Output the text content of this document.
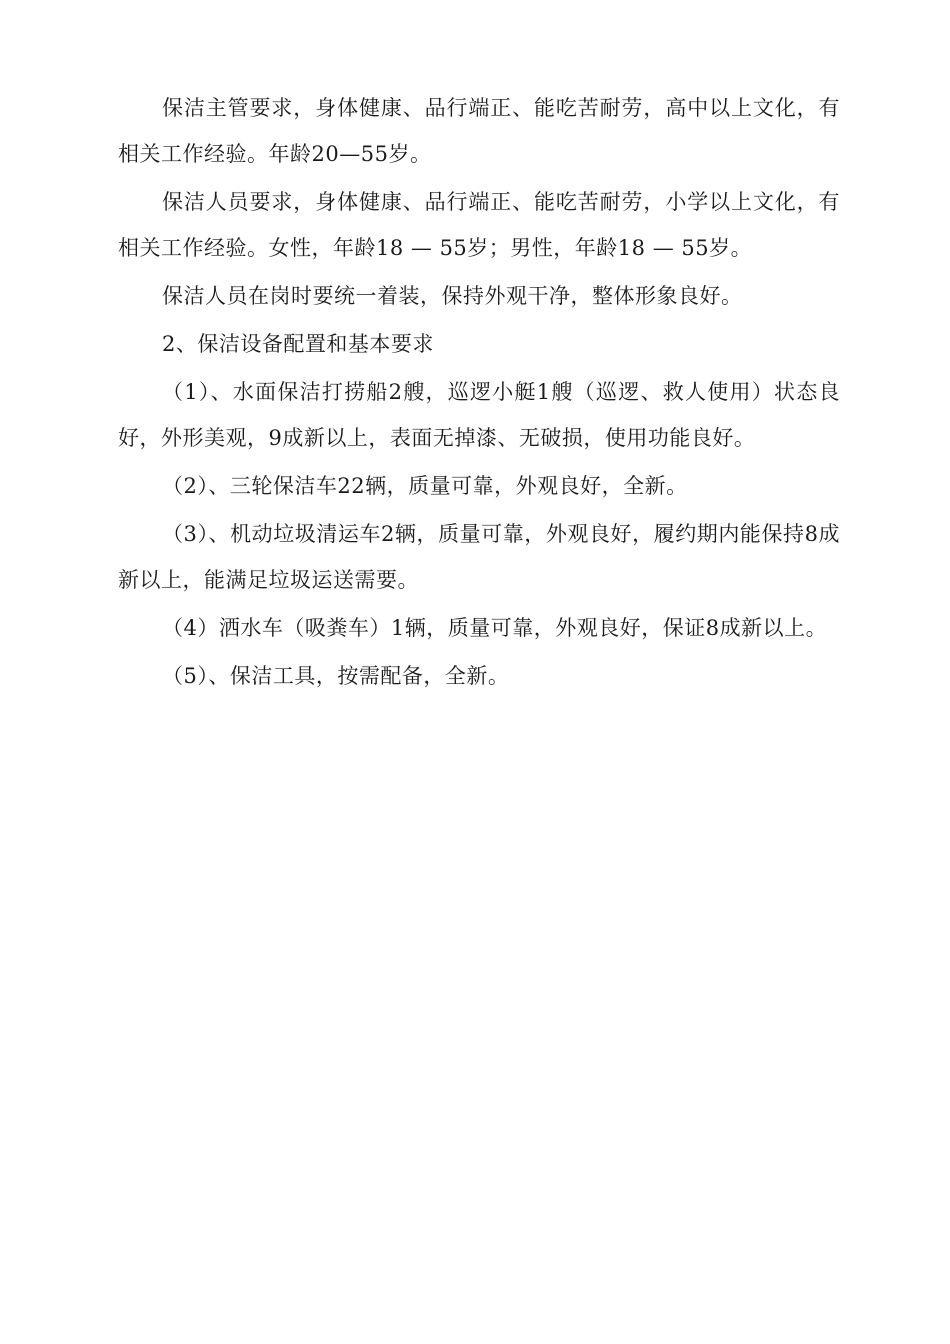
保洁主管要求，身体健康、品行端正、能吃苦耐劳，高中以上文化，有相关工作经验。年龄20—55岁。

保洁人员要求，身体健康、品行端正、能吃苦耐劳，小学以上文化，有相关工作经验。女性，年龄18 — 55岁；男性，年龄18 — 55岁。

保洁人员在岗时要统一着装，保持外观干净，整体形象良好。

2、保洁设备配置和基本要求

（1）、水面保洁打捞船2艘，巡逻小艇1艘（巡逻、救人使用）状态良好，外形美观，9成新以上，表面无掉漆、无破损，使用功能良好。

（2）、三轮保洁车22辆，质量可靠，外观良好，全新。

（3）、机动垃圾清运车2辆，质量可靠，外观良好，履约期内能保持8成新以上，能满足垃圾运送需要。

（4）洒水车（吸粪车）1辆，质量可靠，外观良好，保证8成新以上。

（5）、保洁工具，按需配备，全新。
